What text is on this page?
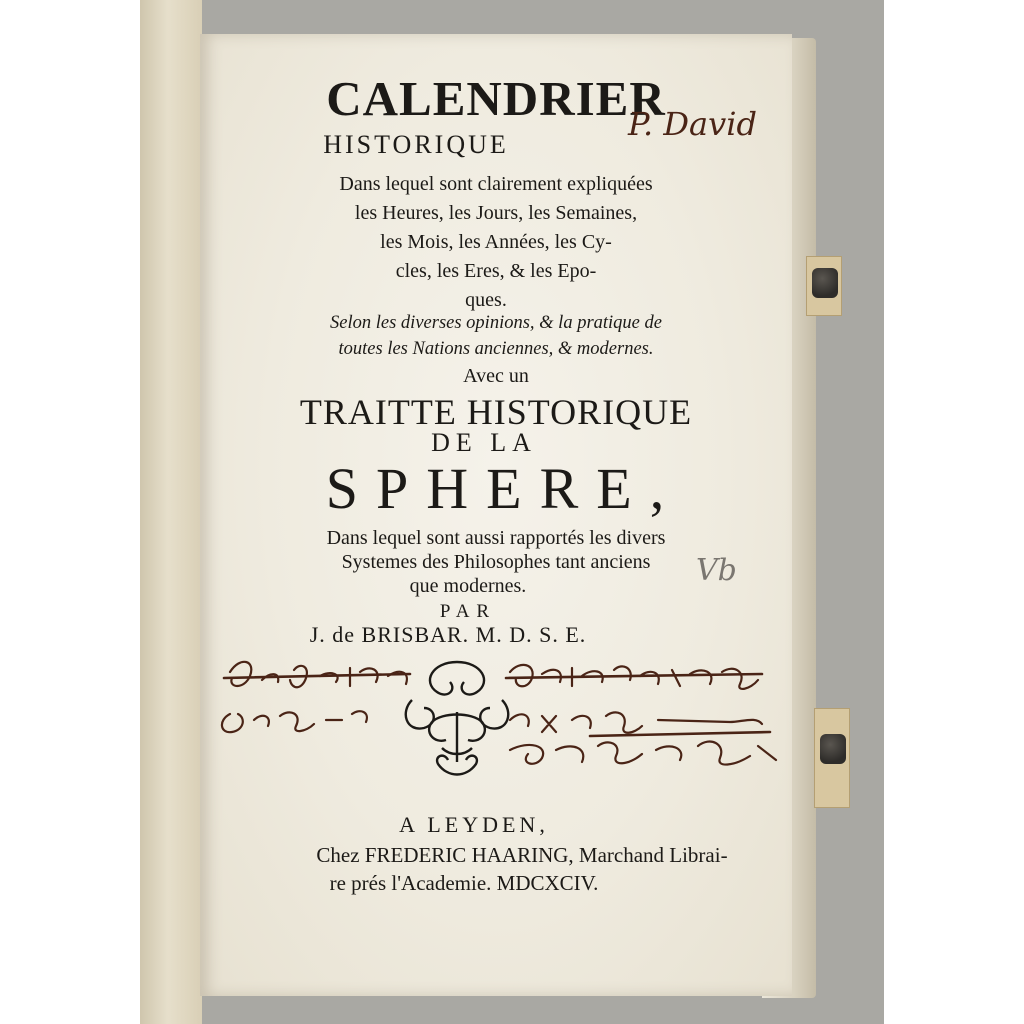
CALENDRIER

HISTORIQUE

Dans lequel sont clairement expliquées

les Heures, les Jours, les Semaines,

les Mois, les Années, les Cy-

cles, les Eres, & les Epo-

ques.

Selon les diverses opinions, & la pratique de

toutes les Nations anciennes, & modernes.

Avec un

TRAITTE HISTORIQUE

DE LA

SPHERE,

Dans lequel sont aussi rapportés les divers

Systemes des Philosophes tant anciens

que modernes.

PAR

J. de BRISBAR. M. D. S. E.

A LEYDEN,

Chez FREDERIC HAARING, Marchand Librai-

re prés l'Academie. MDCXCIV.

P. David

Vb
